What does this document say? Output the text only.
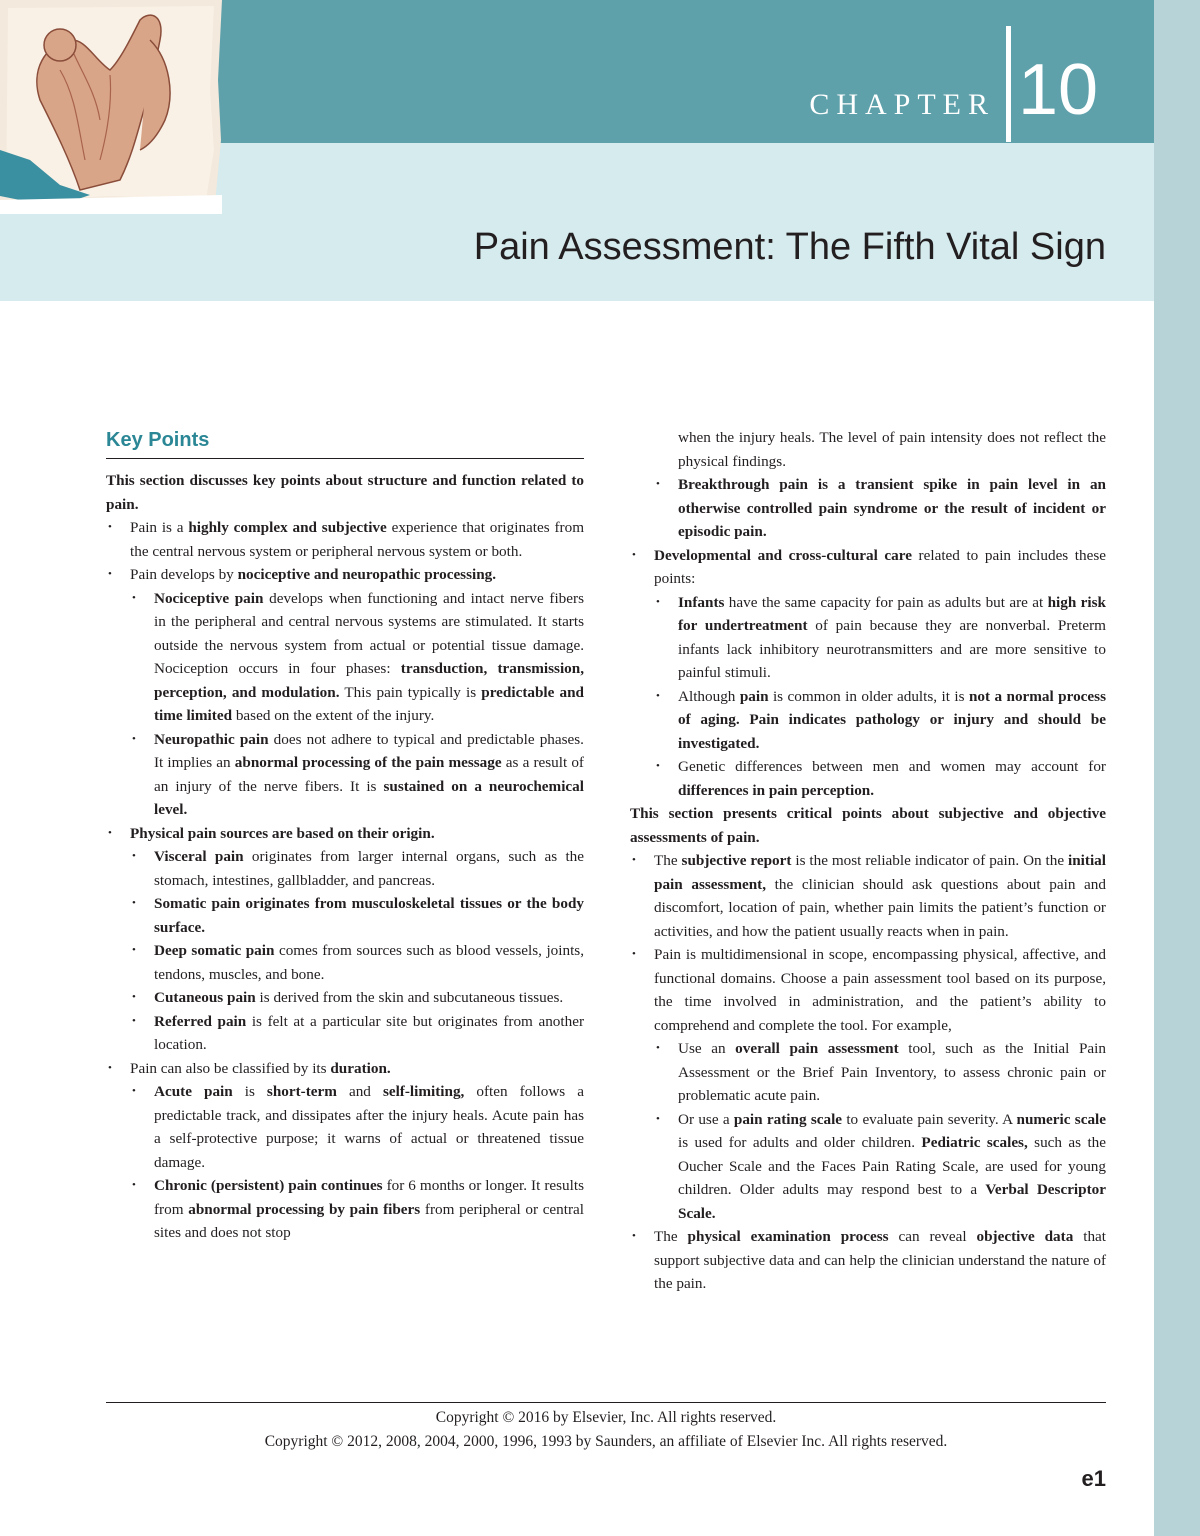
CHAPTER 10
Pain Assessment: The Fifth Vital Sign
Key Points

This section discusses key points about structure and function related to pain.

• Pain is a highly complex and subjective experience that originates from the central nervous system or peripheral nervous system or both.
• Pain develops by nociceptive and neuropathic processing.
• Nociceptive pain develops when functioning and intact nerve fibers in the peripheral and central nervous systems are stimulated. It starts outside the nervous system from actual or potential tissue damage. Nociception occurs in four phases: transduction, transmission, perception, and modulation. This pain typically is predictable and time limited based on the extent of the injury.
• Neuropathic pain does not adhere to typical and predictable phases. It implies an abnormal processing of the pain message as a result of an injury of the nerve fibers. It is sustained on a neurochemical level.
• Physical pain sources are based on their origin.
• Visceral pain originates from larger internal organs, such as the stomach, intestines, gallbladder, and pancreas.
• Somatic pain originates from musculoskeletal tissues or the body surface.
• Deep somatic pain comes from sources such as blood vessels, joints, tendons, muscles, and bone.
• Cutaneous pain is derived from the skin and subcutaneous tissues.
• Referred pain is felt at a particular site but originates from another location.
• Pain can also be classified by its duration.
• Acute pain is short-term and self-limiting, often follows a predictable track, and dissipates after the injury heals. Acute pain has a self-protective purpose; it warns of actual or threatened tissue damage.
• Chronic (persistent) pain continues for 6 months or longer. It results from abnormal processing by pain fibers from peripheral or central sites and does not stop
when the injury heals. The level of pain intensity does not reflect the physical findings.
• Breakthrough pain is a transient spike in pain level in an otherwise controlled pain syndrome or the result of incident or episodic pain.
• Developmental and cross-cultural care related to pain includes these points:
• Infants have the same capacity for pain as adults but are at high risk for undertreatment of pain because they are nonverbal. Preterm infants lack inhibitory neurotransmitters and are more sensitive to painful stimuli.
• Although pain is common in older adults, it is not a normal process of aging. Pain indicates pathology or injury and should be investigated.
• Genetic differences between men and women may account for differences in pain perception.

This section presents critical points about subjective and objective assessments of pain.

• The subjective report is the most reliable indicator of pain. On the initial pain assessment, the clinician should ask questions about pain and discomfort, location of pain, whether pain limits the patient’s function or activities, and how the patient usually reacts when in pain.
• Pain is multidimensional in scope, encompassing physical, affective, and functional domains. Choose a pain assessment tool based on its purpose, the time involved in administration, and the patient’s ability to comprehend and complete the tool. For example,
• Use an overall pain assessment tool, such as the Initial Pain Assessment or the Brief Pain Inventory, to assess chronic pain or problematic acute pain.
• Or use a pain rating scale to evaluate pain severity. A numeric scale is used for adults and older children. Pediatric scales, such as the Oucher Scale and the Faces Pain Rating Scale, are used for young children. Older adults may respond best to a Verbal Descriptor Scale.
• The physical examination process can reveal objective data that support subjective data and can help the clinician understand the nature of the pain.
Copyright © 2016 by Elsevier, Inc. All rights reserved.
Copyright © 2012, 2008, 2004, 2000, 1996, 1993 by Saunders, an affiliate of Elsevier Inc. All rights reserved.
e1
